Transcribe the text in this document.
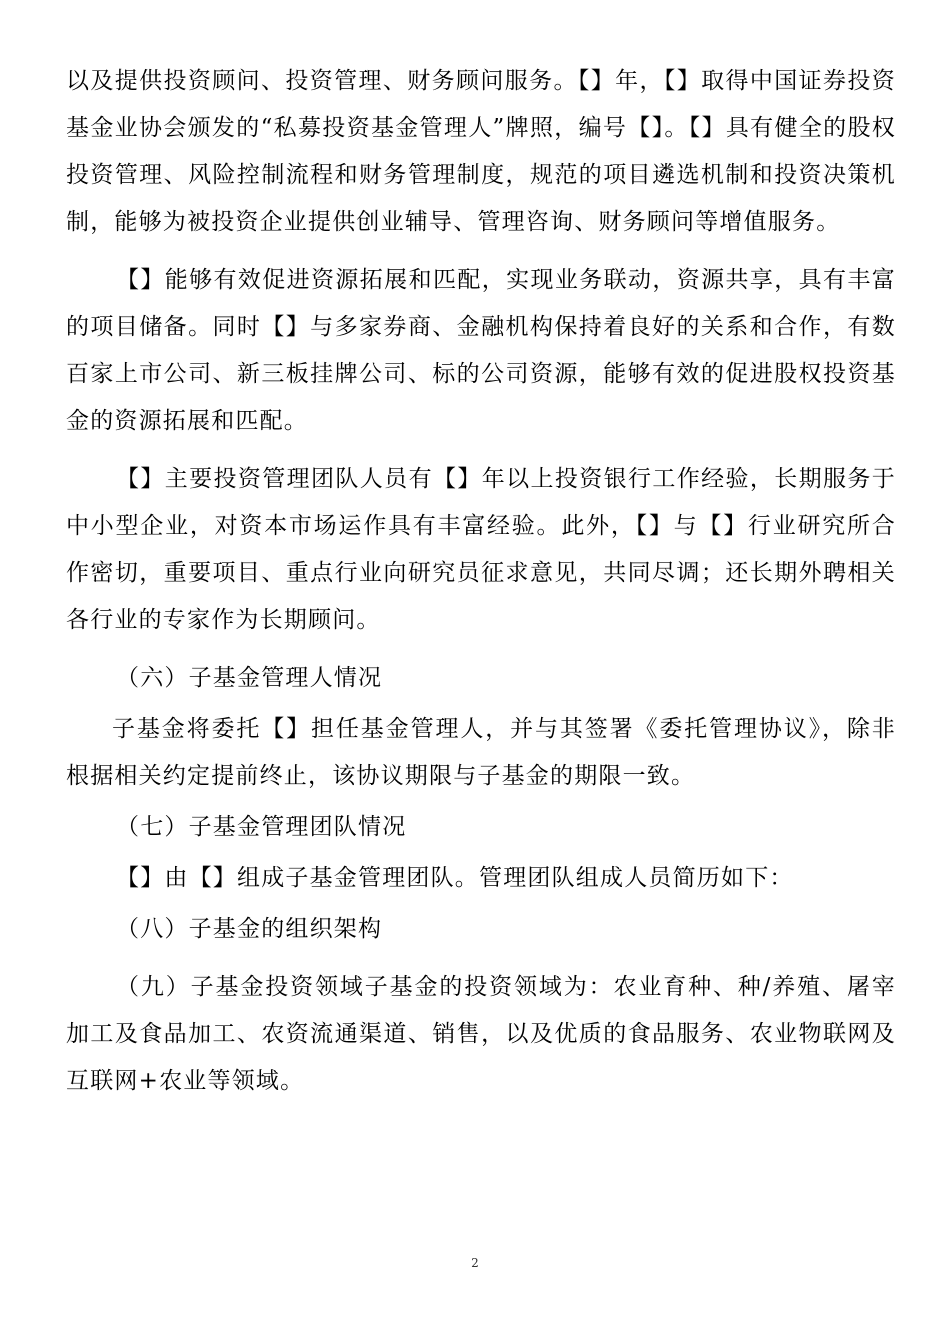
以及提供投资顾问、投资管理、财务顾问服务。【】年，【】取得中国证券投资基金业协会颁发的“私募投资基金管理人”牌照，编号【】。【】具有健全的股权投资管理、风险控制流程和财务管理制度，规范的项目遴选机制和投资决策机制，能够为被投资企业提供创业辅导、管理咨询、财务顾问等增值服务。

【】能够有效促进资源拓展和匹配，实现业务联动，资源共享，具有丰富的项目储备。同时【】与多家券商、金融机构保持着良好的关系和合作，有数百家上市公司、新三板挂牌公司、标的公司资源，能够有效的促进股权投资基金的资源拓展和匹配。

【】主要投资管理团队人员有【】年以上投资银行工作经验，长期服务于中小型企业，对资本市场运作具有丰富经验。此外，【】与【】行业研究所合作密切，重要项目、重点行业向研究员征求意见，共同尽调；还长期外聘相关各行业的专家作为长期顾问。

（六）子基金管理人情况

子基金将委托【】担任基金管理人，并与其签署《委托管理协议》，除非根据相关约定提前终止，该协议期限与子基金的期限一致。

（七）子基金管理团队情况

【】由【】组成子基金管理团队。管理团队组成人员简历如下：

（八）子基金的组织架构

（九）子基金投资领域子基金的投资领域为：农业育种、种/养殖、屠宰加工及食品加工、农资流通渠道、销售，以及优质的食品服务、农业物联网及互联网+农业等领域。

2
